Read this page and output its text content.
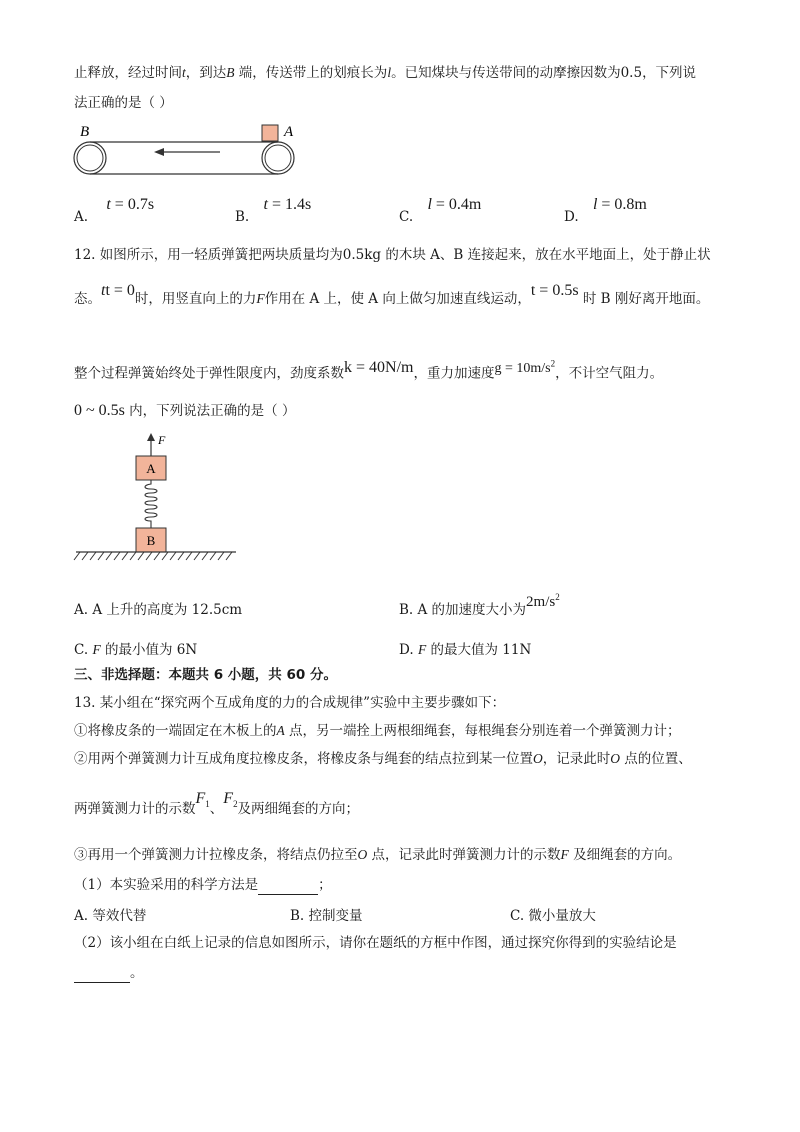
止释放，经过时间t，到达B 端，传送带上的划痕长为l。已知煤块与传送带间的动摩擦因数为0.5，下列说
法正确的是（ ）
B	A
A. t = 0.7s
B. t = 1.4s
C. l = 0.4m
D. l = 0.8m
12. 如图所示，用一轻质弹簧把两块质量均为0.5kg 的木块 A、B 连接起来，放在水平地面上，处于静止状
态。tt = 0时，用竖直向上的力F作用在 A 上，使 A 向上做匀加速直线运动，t = 0.5s 时 B 刚好离开地面。
整个过程弹簧始终处于弹性限度内，劲度系数k = 40N/m，重力加速度$g = 10m/s^2$，不计空气阻力。
0 ~ 0.5s 内，下列说法正确的是（ ）
F
A
B
A. A 上升的高度为 12.5cm	B. A 的加速度大小为$2m/s^2$
C. F 的最小值为 6N	D. F 的最大值为 11N
三、非选择题：本题共 6 小题，共 60 分。
13. 某小组在“探究两个互成角度的力的合成规律”实验中主要步骤如下：
①将橡皮条的一端固定在木板上的A 点，另一端拴上两根细绳套，每根绳套分别连着一个弹簧测力计；
②用两个弹簧测力计互成角度拉橡皮条，将橡皮条与绳套的结点拉到某一位置O，记录此时O 点的位置、
两弹簧测力计的示数$F_1$、$F_2$及两细绳套的方向；
③再用一个弹簧测力计拉橡皮条，将结点仍拉至O 点，记录此时弹簧测力计的示数F 及细绳套的方向。
（1）本实验采用的科学方法是	；
A. 等效代替	B. 控制变量	C. 微小量放大
（2）该小组在白纸上记录的信息如图所示，请你在题纸的方框中作图，通过探究你得到的实验结论是
。
